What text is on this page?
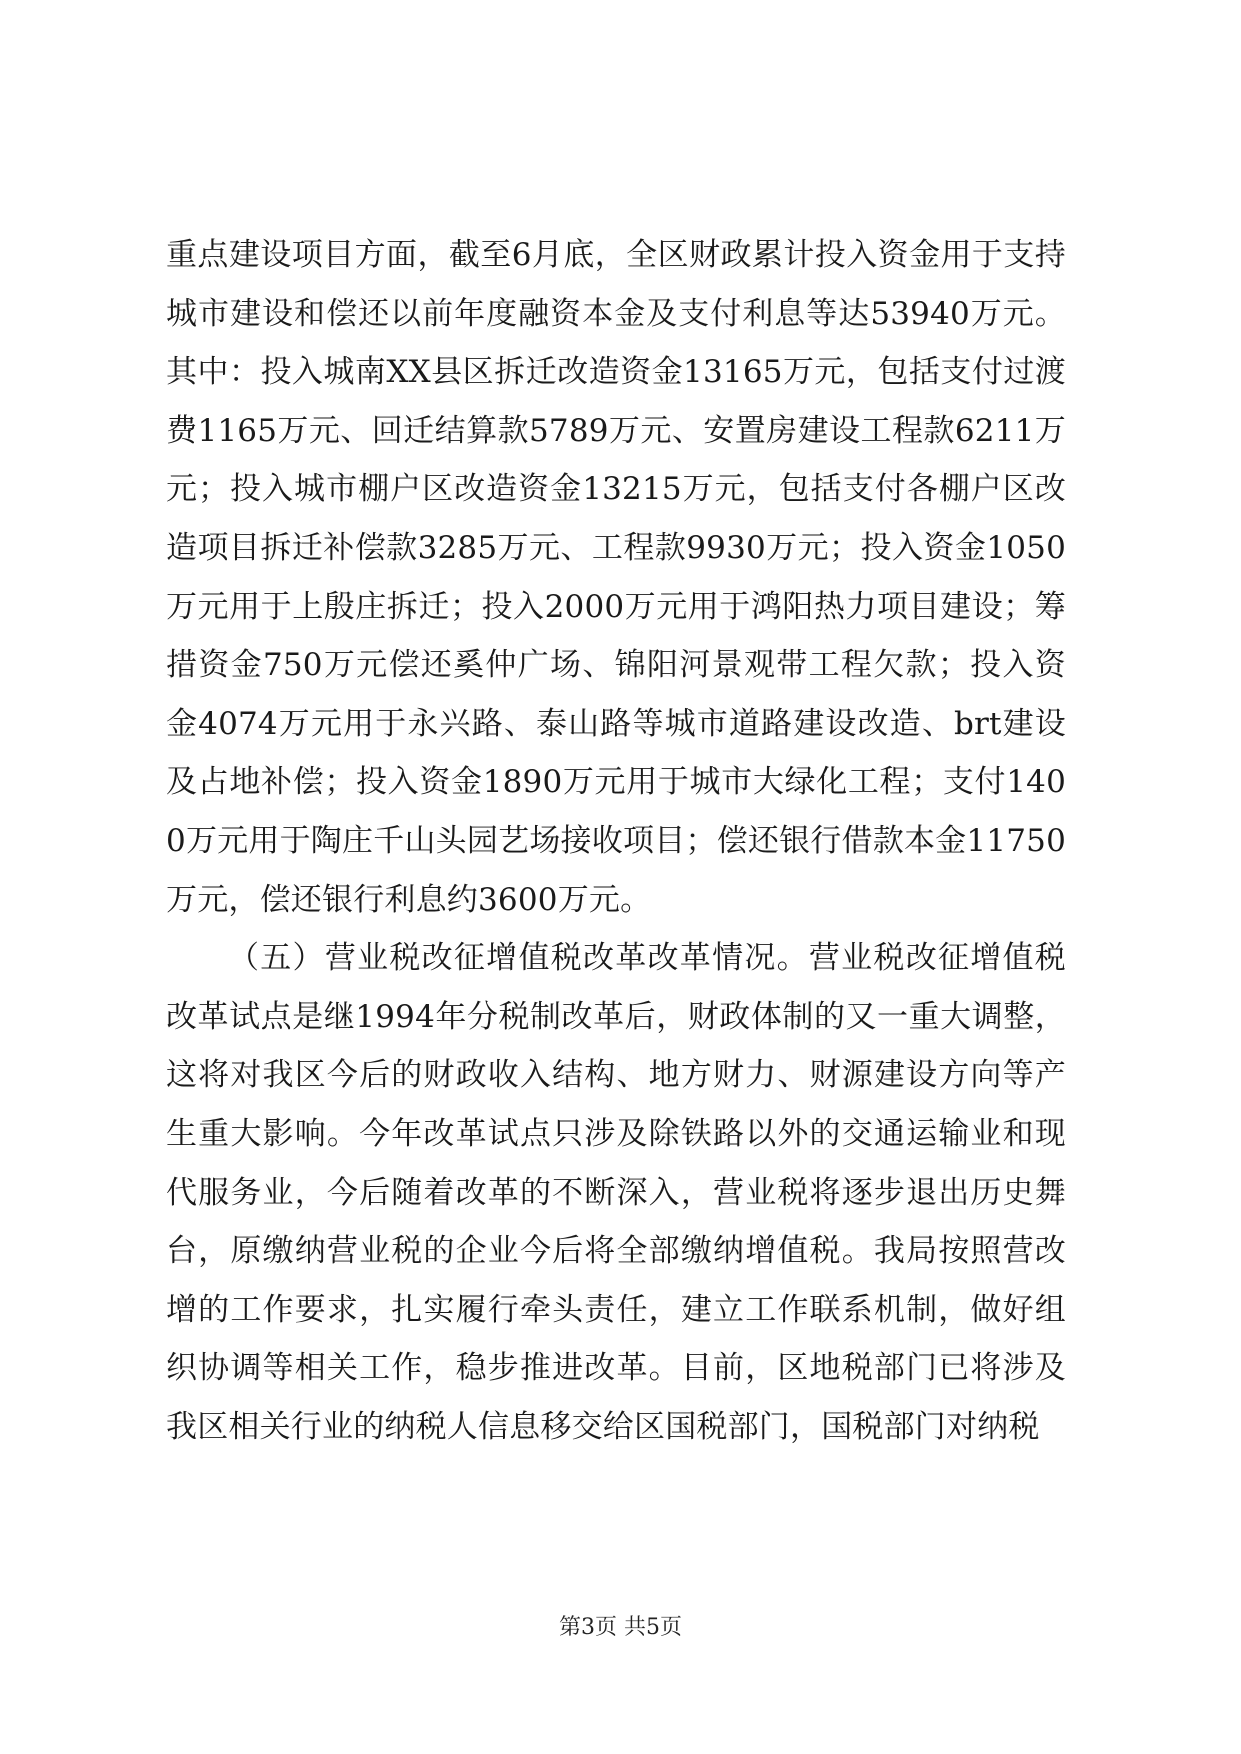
重点建设项目方面，截至6月底，全区财政累计投入资金用于支持城市建设和偿还以前年度融资本金及支付利息等达53940万元。其中：投入城南XX县区拆迁改造资金13165万元，包括支付过渡费1165万元、回迁结算款5789万元、安置房建设工程款6211万元；投入城市棚户区改造资金13215万元，包括支付各棚户区改造项目拆迁补偿款3285万元、工程款9930万元；投入资金1050万元用于上殷庄拆迁；投入2000万元用于鸿阳热力项目建设；筹措资金750万元偿还奚仲广场、锦阳河景观带工程欠款；投入资金4074万元用于永兴路、泰山路等城市道路建设改造、brt建设及占地补偿；投入资金1890万元用于城市大绿化工程；支付1400万元用于陶庄千山头园艺场接收项目；偿还银行借款本金11750万元，偿还银行利息约3600万元。

（五）营业税改征增值税改革改革情况。营业税改征增值税改革试点是继1994年分税制改革后，财政体制的又一重大调整，这将对我区今后的财政收入结构、地方财力、财源建设方向等产生重大影响。今年改革试点只涉及除铁路以外的交通运输业和现代服务业，今后随着改革的不断深入，营业税将逐步退出历史舞台，原缴纳营业税的企业今后将全部缴纳增值税。我局按照营改增的工作要求，扎实履行牵头责任，建立工作联系机制，做好组织协调等相关工作，稳步推进改革。目前，区地税部门已将涉及我区相关行业的纳税人信息移交给区国税部门，国税部门对纳税

第3页 共5页
